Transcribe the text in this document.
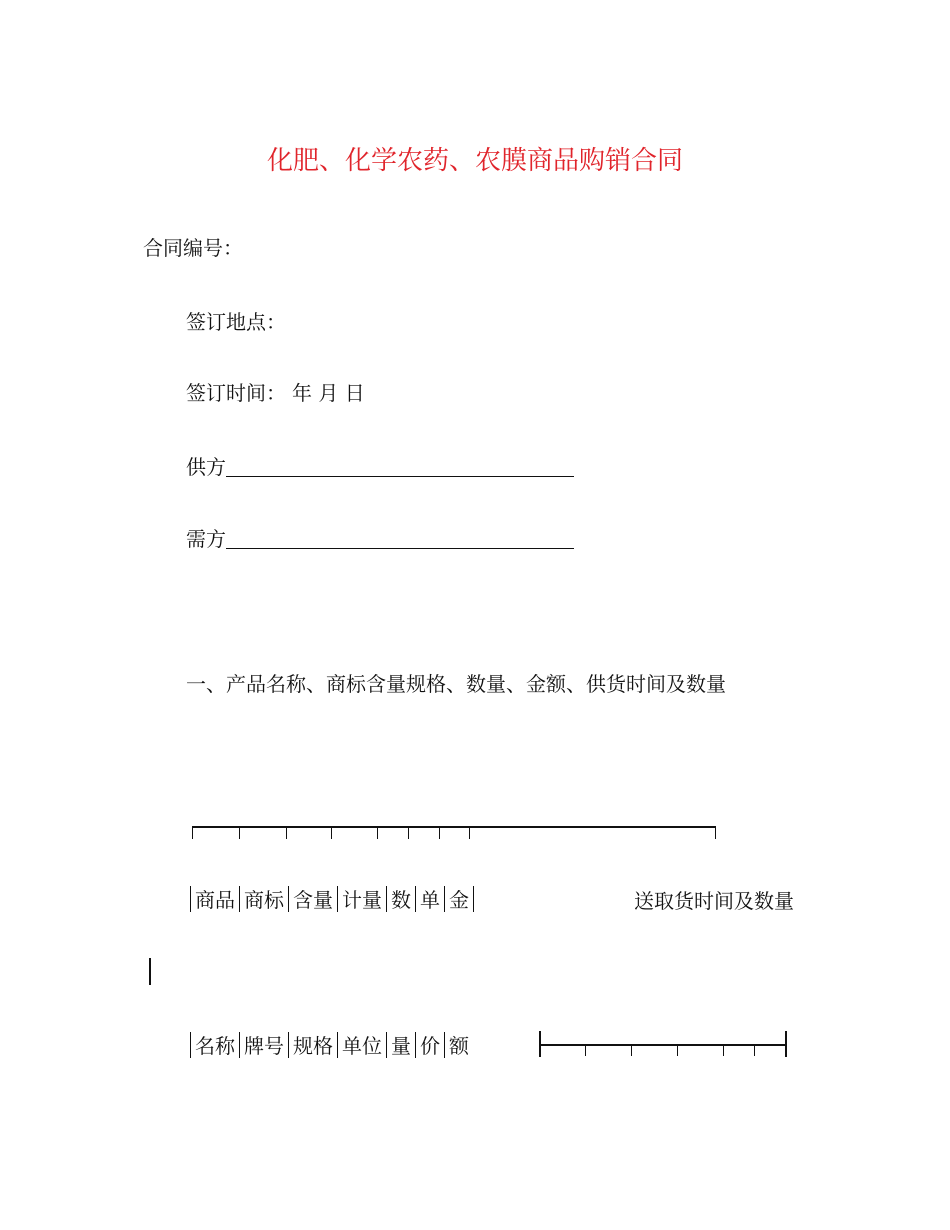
化肥、化学农药、农膜商品购销合同
合同编号：
签订地点：
签订时间： 年 月 日
供方
需方
一、产品名称、商标含量规格、数量、金额、供货时间及数量
商品 商标 含量 计量 数 单 金	送取货时间及数量
名称 牌号 规格 单位 量 价 额
